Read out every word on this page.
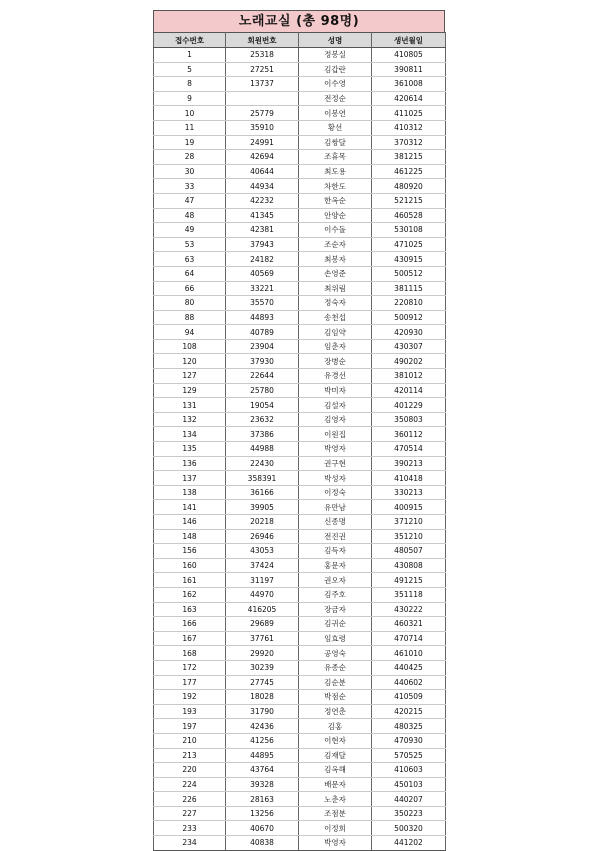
노래교실 (총 98명)
접수번호	회원번호	성명	생년월일
1	25318	정봉실	410805
5	27251	김갑란	390811
8	13737	이수영	361008
9		전정순	420614
10	25779	이봉연	411025
11	35910	황선	410312
19	24991	김쌍달	370312
28	42694	조휴목	381215
30	40644	최도용	461225
33	44934	차한도	480920
47	42232	한옥순	521215
48	41345	안양순	460528
49	42381	이수돌	530108
53	37943	조순자	471025
63	24182	최봉자	430915
64	40569	손영준	500512
66	33221	최위림	381115
80	35570	정숙자	220810
88	44893	송천섭	500912
94	40789	김임약	420930
108	23904	임춘자	430307
120	37930	장병순	490202
127	22644	유경선	381012
129	25780	박미자	420114
131	19054	김설자	401229
132	23632	김영자	350803
134	37386	이원집	360112
135	44988	박영자	470514
136	22430	권구현	390213
137	358391	박성자	410418
138	36166	이정숙	330213
141	39905	유만남	400915
146	20218	신종명	371210
148	26946	전진권	351210
156	43053	김득자	480507
160	37424	홍문자	430808
161	31197	권오자	491215
162	44970	김주호	351118
163	416205	장금자	430222
166	29689	김귀순	460321
167	37761	임효령	470714
168	29920	공영숙	461010
172	30239	유종순	440425
177	27745	김순분	440602
192	18028	박점순	410509
193	31790	정연춘	420215
197	42436	김홍	480325
210	41256	이현자	470930
213	44895	김재달	570525
220	43764	김옥해	410603
224	39328	배문자	450103
226	28163	노춘자	440207
227	13256	조점분	350223
233	40670	이정희	500320
234	40838	박영자	441202
